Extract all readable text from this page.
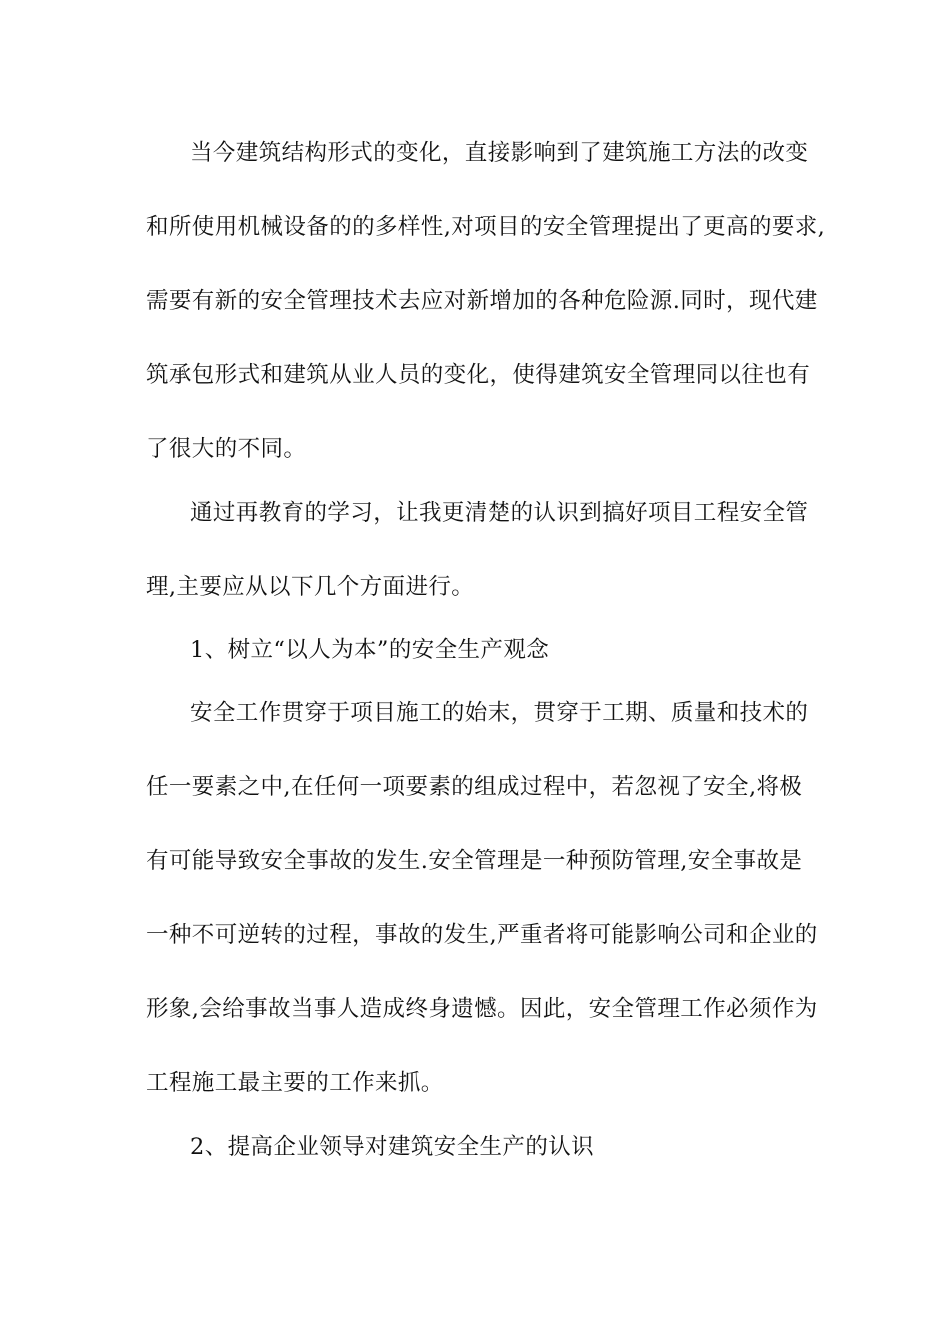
当今建筑结构形式的变化，直接影响到了建筑施工方法的改变
和所使用机械设备的的多样性,对项目的安全管理提出了更高的要求,
需要有新的安全管理技术去应对新增加的各种危险源.同时，现代建
筑承包形式和建筑从业人员的变化，使得建筑安全管理同以往也有
了很大的不同。
通过再教育的学习，让我更清楚的认识到搞好项目工程安全管
理,主要应从以下几个方面进行。
1、树立“以人为本”的安全生产观念
安全工作贯穿于项目施工的始末，贯穿于工期、质量和技术的
任一要素之中,在任何一项要素的组成过程中，若忽视了安全,将极
有可能导致安全事故的发生.安全管理是一种预防管理,安全事故是
一种不可逆转的过程，事故的发生,严重者将可能影响公司和企业的
形象,会给事故当事人造成终身遗憾。因此，安全管理工作必须作为
工程施工最主要的工作来抓。
2、提高企业领导对建筑安全生产的认识
